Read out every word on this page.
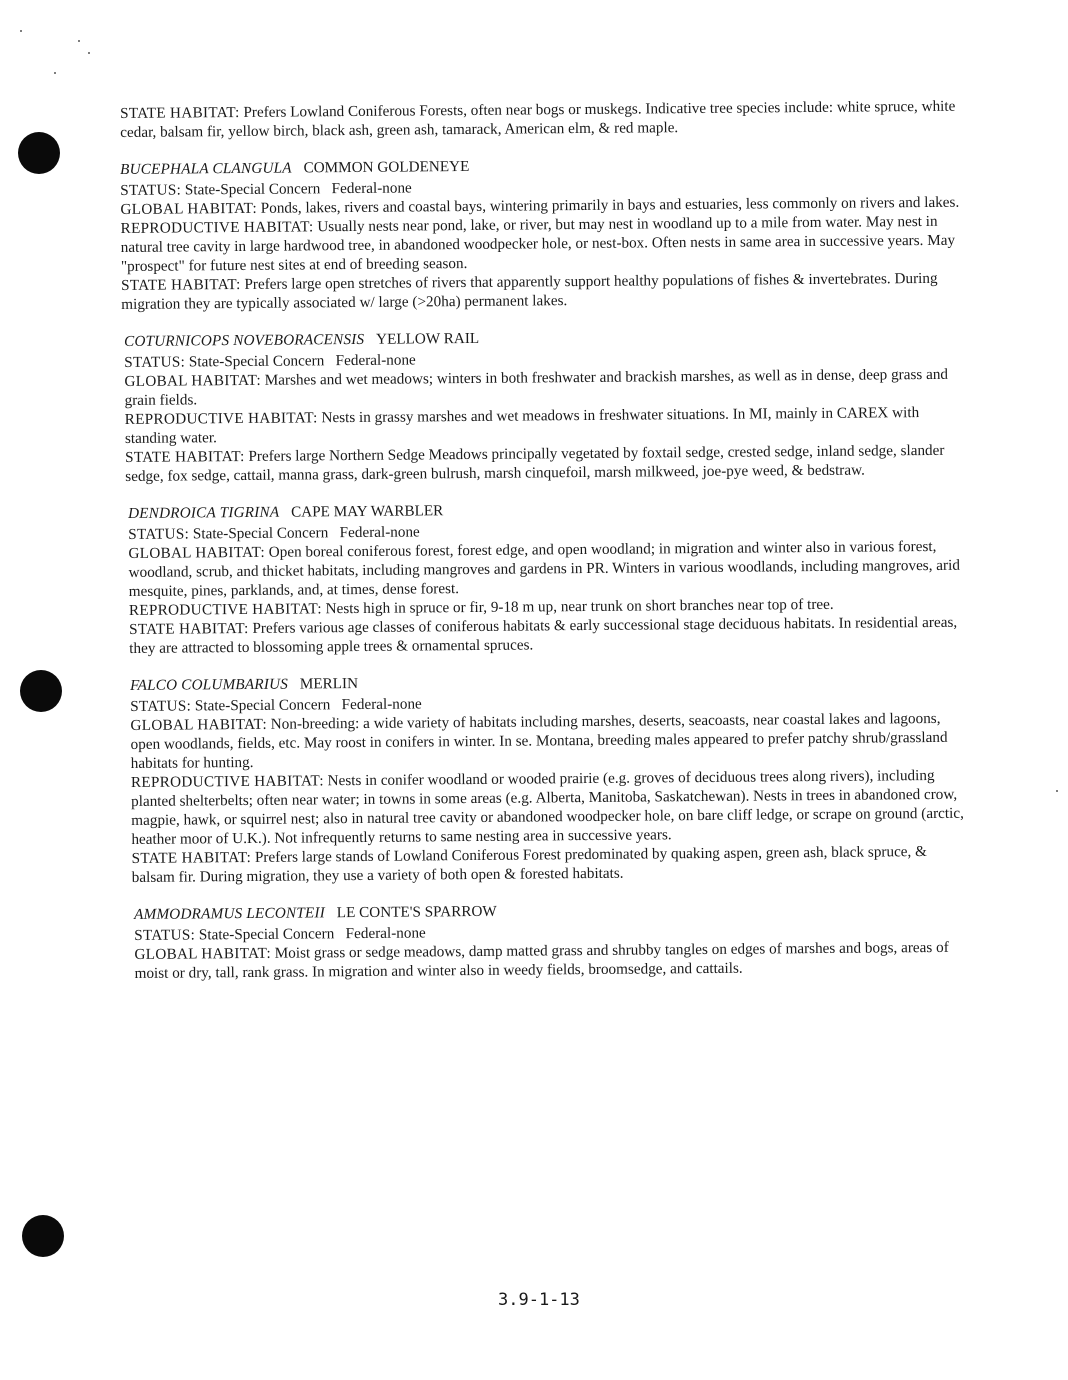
STATE HABITAT: Prefers Lowland Coniferous Forests, often near bogs or muskegs. Indicative tree species include: white spruce, white cedar, balsam fir, yellow birch, black ash, green ash, tamarack, American elm, & red maple.

BUCEPHALA CLANGULA COMMON GOLDENEYE

STATUS: State-Special Concern   Federal-none

GLOBAL HABITAT: Ponds, lakes, rivers and coastal bays, wintering primarily in bays and estuaries, less commonly on rivers and lakes.

REPRODUCTIVE HABITAT: Usually nests near pond, lake, or river, but may nest in woodland up to a mile from water. May nest in natural tree cavity in large hardwood tree, in abandoned woodpecker hole, or nest-box. Often nests in same area in successive years. May "prospect" for future nest sites at end of breeding season.

STATE HABITAT: Prefers large open stretches of rivers that apparently support healthy populations of fishes & invertebrates. During migration they are typically associated w/ large (>20ha) permanent lakes.

COTURNICOPS NOVEBORACENSIS YELLOW RAIL

STATUS: State-Special Concern   Federal-none

GLOBAL HABITAT: Marshes and wet meadows; winters in both freshwater and brackish marshes, as well as in dense, deep grass and grain fields.

REPRODUCTIVE HABITAT: Nests in grassy marshes and wet meadows in freshwater situations. In MI, mainly in CAREX with standing water.

STATE HABITAT: Prefers large Northern Sedge Meadows principally vegetated by foxtail sedge, crested sedge, inland sedge, slander sedge, fox sedge, cattail, manna grass, dark-green bulrush, marsh cinquefoil, marsh milkweed, joe-pye weed, & bedstraw.

DENDROICA TIGRINA CAPE MAY WARBLER

STATUS: State-Special Concern   Federal-none

GLOBAL HABITAT: Open boreal coniferous forest, forest edge, and open woodland; in migration and winter also in various forest, woodland, scrub, and thicket habitats, including mangroves and gardens in PR. Winters in various woodlands, including mangroves, arid mesquite, pines, parklands, and, at times, dense forest.

REPRODUCTIVE HABITAT: Nests high in spruce or fir, 9-18 m up, near trunk on short branches near top of tree.

STATE HABITAT: Prefers various age classes of coniferous habitats & early successional stage deciduous habitats. In residential areas, they are attracted to blossoming apple trees & ornamental spruces.

FALCO COLUMBARIUS MERLIN

STATUS: State-Special Concern   Federal-none

GLOBAL HABITAT: Non-breeding: a wide variety of habitats including marshes, deserts, seacoasts, near coastal lakes and lagoons, open woodlands, fields, etc. May roost in conifers in winter. In se. Montana, breeding males appeared to prefer patchy shrub/grassland habitats for hunting.

REPRODUCTIVE HABITAT: Nests in conifer woodland or wooded prairie (e.g. groves of deciduous trees along rivers), including planted shelterbelts; often near water; in towns in some areas (e.g. Alberta, Manitoba, Saskatchewan). Nests in trees in abandoned crow, magpie, hawk, or squirrel nest; also in natural tree cavity or abandoned woodpecker hole, on bare cliff ledge, or scrape on ground (arctic, heather moor of U.K.). Not infrequently returns to same nesting area in successive years.

STATE HABITAT: Prefers large stands of Lowland Coniferous Forest predominated by quaking aspen, green ash, black spruce, & balsam fir. During migration, they use a variety of both open & forested habitats.

AMMODRAMUS LECONTEII LE CONTE'S SPARROW

STATUS: State-Special Concern   Federal-none

GLOBAL HABITAT: Moist grass or sedge meadows, damp matted grass and shrubby tangles on edges of marshes and bogs, areas of moist or dry, tall, rank grass. In migration and winter also in weedy fields, broomsedge, and cattails.

3.9-1-13
